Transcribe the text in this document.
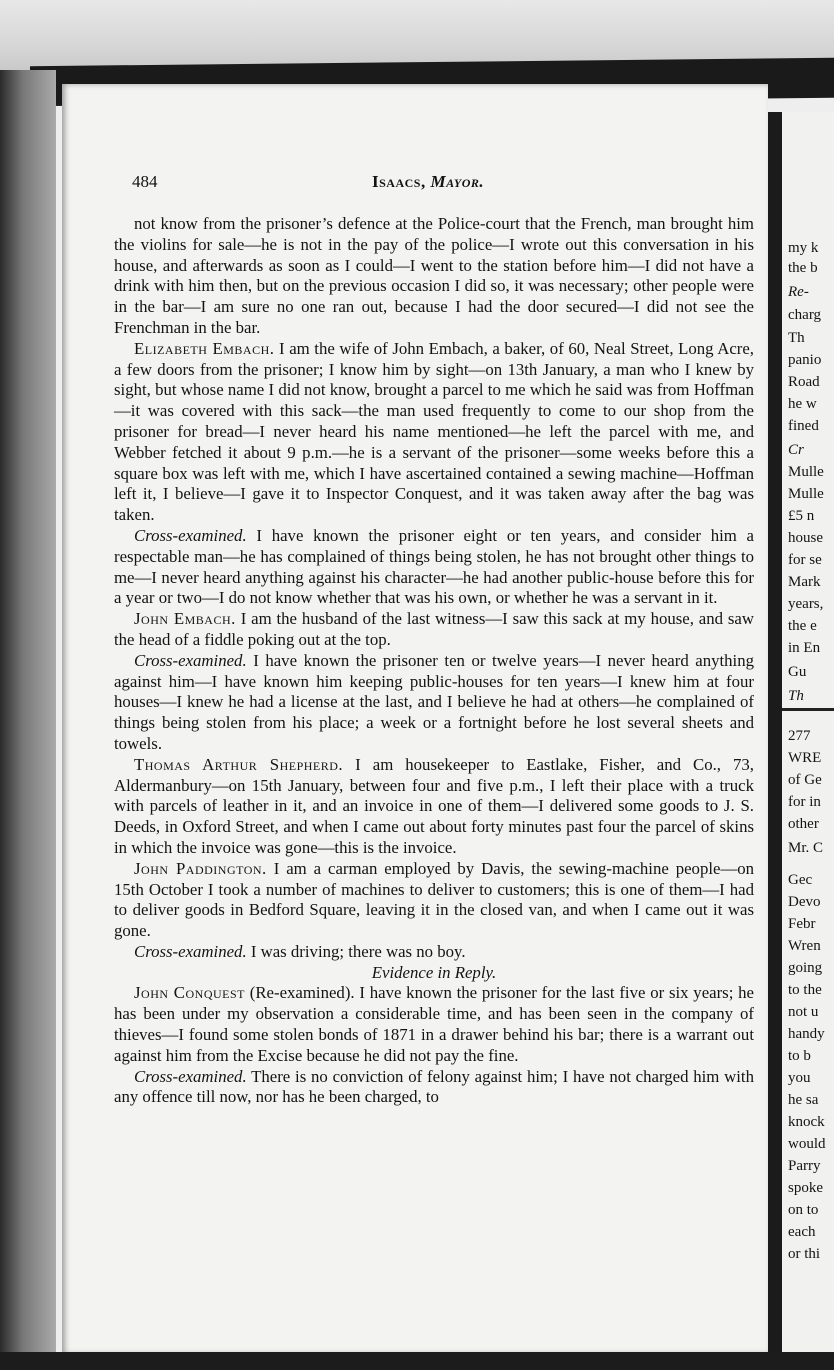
my k
the b
Re-
charg
Th
panio
Road
he w
fined
Cr
Mulle
Mulle
£5 n
house
for se
Mark
years,
the e
in En
Gu
Th
277
WRE
of Ge
for in
other
Mr. C
Gec
Devo
Febr
Wren
going
to the
not u
handy
to b
you
he sa
knock
would
Parry
spoke
on to
each
or thi
484	Isaacs, Mayor.

not know from the prisoner’s defence at the Police-court that the French, man brought him the violins for sale—he is not in the pay of the police—I wrote out this conversation in his house, and afterwards as soon as I could—I went to the station before him—I did not have a drink with him then, but on the previous occasion I did so, it was necessary; other people were in the bar—I am sure no one ran out, because I had the door secured—I did not see the Frenchman in the bar.

Elizabeth Embach. I am the wife of John Embach, a baker, of 60, Neal Street, Long Acre, a few doors from the prisoner; I know him by sight—on 13th January, a man who I knew by sight, but whose name I did not know, brought a parcel to me which he said was from Hoffman—it was covered with this sack—the man used frequently to come to our shop from the prisoner for bread—I never heard his name mentioned—he left the parcel with me, and Webber fetched it about 9 p.m.—he is a servant of the prisoner—some weeks before this a square box was left with me, which I have ascertained contained a sewing machine—Hoffman left it, I believe—I gave it to Inspector Conquest, and it was taken away after the bag was taken.

Cross-examined. I have known the prisoner eight or ten years, and consider him a respectable man—he has complained of things being stolen, he has not brought other things to me—I never heard anything against his character—he had another public-house before this for a year or two—I do not know whether that was his own, or whether he was a servant in it.

John Embach. I am the husband of the last witness—I saw this sack at my house, and saw the head of a fiddle poking out at the top.

Cross-examined. I have known the prisoner ten or twelve years—I never heard anything against him—I have known him keeping public-houses for ten years—I knew him at four houses—I knew he had a license at the last, and I believe he had at others—he complained of things being stolen from his place; a week or a fortnight before he lost several sheets and towels.

Thomas Arthur Shepherd. I am housekeeper to Eastlake, Fisher, and Co., 73, Aldermanbury—on 15th January, between four and five p.m., I left their place with a truck with parcels of leather in it, and an invoice in one of them—I delivered some goods to J. S. Deeds, in Oxford Street, and when I came out about forty minutes past four the parcel of skins in which the invoice was gone—this is the invoice.

John Paddington. I am a carman employed by Davis, the sewing-machine people—on 15th October I took a number of machines to deliver to customers; this is one of them—I had to deliver goods in Bedford Square, leaving it in the closed van, and when I came out it was gone.

Cross-examined. I was driving; there was no boy.

Evidence in Reply.

John Conquest (Re-examined). I have known the prisoner for the last five or six years; he has been under my observation a considerable time, and has been seen in the company of thieves—I found some stolen bonds of 1871 in a drawer behind his bar; there is a warrant out against him from the Excise because he did not pay the fine.

Cross-examined. There is no conviction of felony against him; I have not charged him with any offence till now, nor has he been charged, to
